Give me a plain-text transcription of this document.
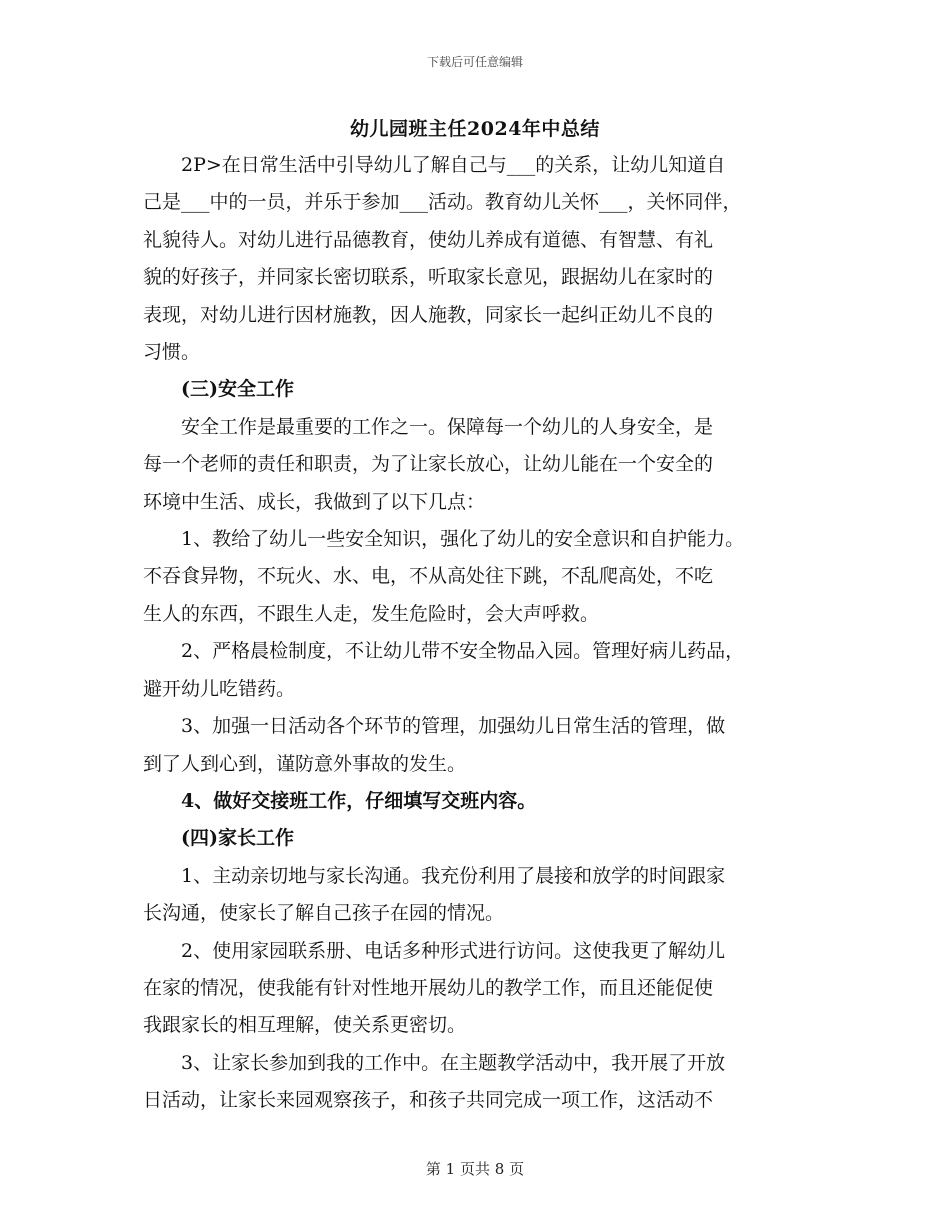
下载后可任意编辑
幼儿园班主任2024年中总结

2P>在日常生活中引导幼儿了解自己与___的关系，让幼儿知道自
己是___中的一员，并乐于参加___活动。教育幼儿关怀___，关怀同伴，
礼貌待人。对幼儿进行品德教育，使幼儿养成有道德、有智慧、有礼
貌的好孩子，并同家长密切联系，听取家长意见，跟据幼儿在家时的
表现，对幼儿进行因材施教，因人施教，同家长一起纠正幼儿不良的
习惯。

(三)安全工作

安全工作是最重要的工作之一。保障每一个幼儿的人身安全，是
每一个老师的责任和职责，为了让家长放心，让幼儿能在一个安全的
环境中生活、成长，我做到了以下几点：

1、教给了幼儿一些安全知识，强化了幼儿的安全意识和自护能力。
不吞食异物，不玩火、水、电，不从高处往下跳，不乱爬高处，不吃
生人的东西，不跟生人走，发生危险时，会大声呼救。

2、严格晨检制度，不让幼儿带不安全物品入园。管理好病儿药品，
避开幼儿吃错药。

3、加强一日活动各个环节的管理，加强幼儿日常生活的管理，做
到了人到心到，谨防意外事故的发生。

4、做好交接班工作，仔细填写交班内容。

(四)家长工作

1、主动亲切地与家长沟通。我充份利用了晨接和放学的时间跟家
长沟通，使家长了解自己孩子在园的情况。

2、使用家园联系册、电话多种形式进行访问。这使我更了解幼儿
在家的情况，使我能有针对性地开展幼儿的教学工作，而且还能促使
我跟家长的相互理解，使关系更密切。

3、让家长参加到我的工作中。在主题教学活动中，我开展了开放
日活动，让家长来园观察孩子，和孩子共同完成一项工作，这活动不

第 1 页共 8 页
